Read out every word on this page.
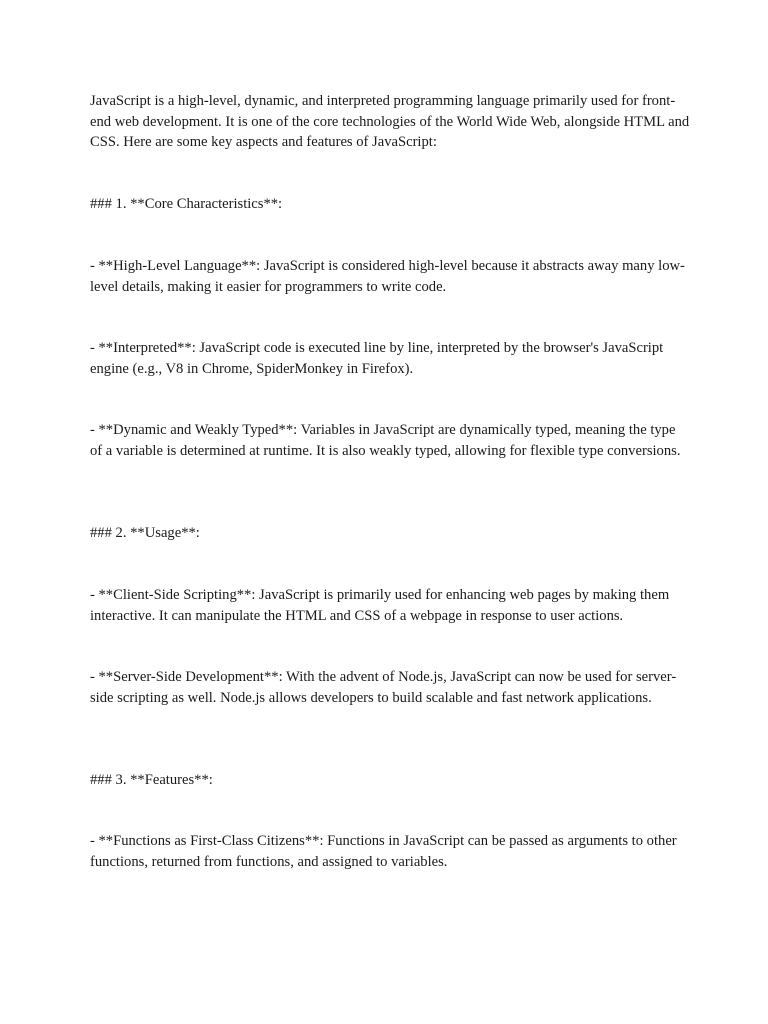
JavaScript is a high-level, dynamic, and interpreted programming language primarily used for front-end web development. It is one of the core technologies of the World Wide Web, alongside HTML and CSS. Here are some key aspects and features of JavaScript:

### 1. **Core Characteristics**:

- **High-Level Language**: JavaScript is considered high-level because it abstracts away many low-level details, making it easier for programmers to write code.

- **Interpreted**: JavaScript code is executed line by line, interpreted by the browser's JavaScript engine (e.g., V8 in Chrome, SpiderMonkey in Firefox).

- **Dynamic and Weakly Typed**: Variables in JavaScript are dynamically typed, meaning the type of a variable is determined at runtime. It is also weakly typed, allowing for flexible type conversions.

### 2. **Usage**:

- **Client-Side Scripting**: JavaScript is primarily used for enhancing web pages by making them interactive. It can manipulate the HTML and CSS of a webpage in response to user actions.

- **Server-Side Development**: With the advent of Node.js, JavaScript can now be used for server-side scripting as well. Node.js allows developers to build scalable and fast network applications.

### 3. **Features**:

- **Functions as First-Class Citizens**: Functions in JavaScript can be passed as arguments to other functions, returned from functions, and assigned to variables.
